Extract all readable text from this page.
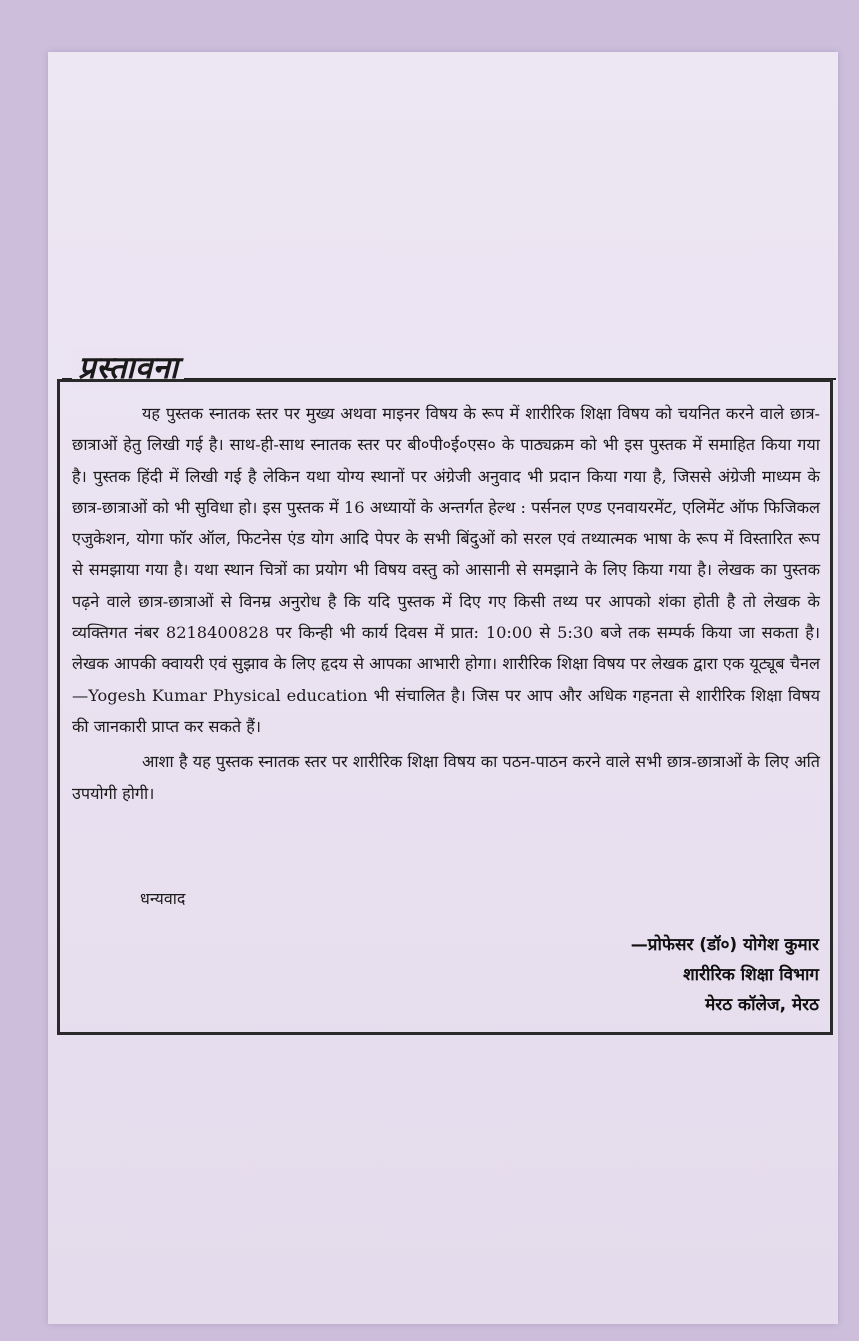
प्रस्तावना

यह पुस्तक स्नातक स्तर पर मुख्य अथवा माइनर विषय के रूप में शारीरिक शिक्षा विषय को चयनित करने वाले छात्र-छात्राओं हेतु लिखी गई है। साथ-ही-साथ स्नातक स्तर पर बी०पी०ई०एस० के पाठ्यक्रम को भी इस पुस्तक में समाहित किया गया है। पुस्तक हिंदी में लिखी गई है लेकिन यथा योग्य स्थानों पर अंग्रेजी अनुवाद भी प्रदान किया गया है, जिससे अंग्रेजी माध्यम के छात्र-छात्राओं को भी सुविधा हो। इस पुस्तक में 16 अध्यायों के अन्तर्गत हेल्थ : पर्सनल एण्ड एनवायरमेंट, एलिमेंट ऑफ फिजिकल एजुकेशन, योगा फॉर ऑल, फिटनेस एंड योग आदि पेपर के सभी बिंदुओं को सरल एवं तथ्यात्मक भाषा के रूप में विस्तारित रूप से समझाया गया है। यथा स्थान चित्रों का प्रयोग भी विषय वस्तु को आसानी से समझाने के लिए किया गया है। लेखक का पुस्तक पढ़ने वाले छात्र-छात्राओं से विनम्र अनुरोध है कि यदि पुस्तक में दिए गए किसी तथ्य पर आपको शंका होती है तो लेखक के व्यक्तिगत नंबर 8218400828 पर किन्ही भी कार्य दिवस में प्रात: 10:00 से 5:30 बजे तक सम्पर्क किया जा सकता है। लेखक आपकी क्वायरी एवं सुझाव के लिए हृदय से आपका आभारी होगा। शारीरिक शिक्षा विषय पर लेखक द्वारा एक यूट्यूब चैनल—Yogesh Kumar Physical education भी संचालित है। जिस पर आप और अधिक गहनता से शारीरिक शिक्षा विषय की जानकारी प्राप्त कर सकते हैं।

आशा है यह पुस्तक स्नातक स्तर पर शारीरिक शिक्षा विषय का पठन-पाठन करने वाले सभी छात्र-छात्राओं के लिए अति उपयोगी होगी।

धन्यवाद
—प्रोफेसर (डॉ०) योगेश कुमार
शारीरिक शिक्षा विभाग
मेरठ कॉलेज, मेरठ
